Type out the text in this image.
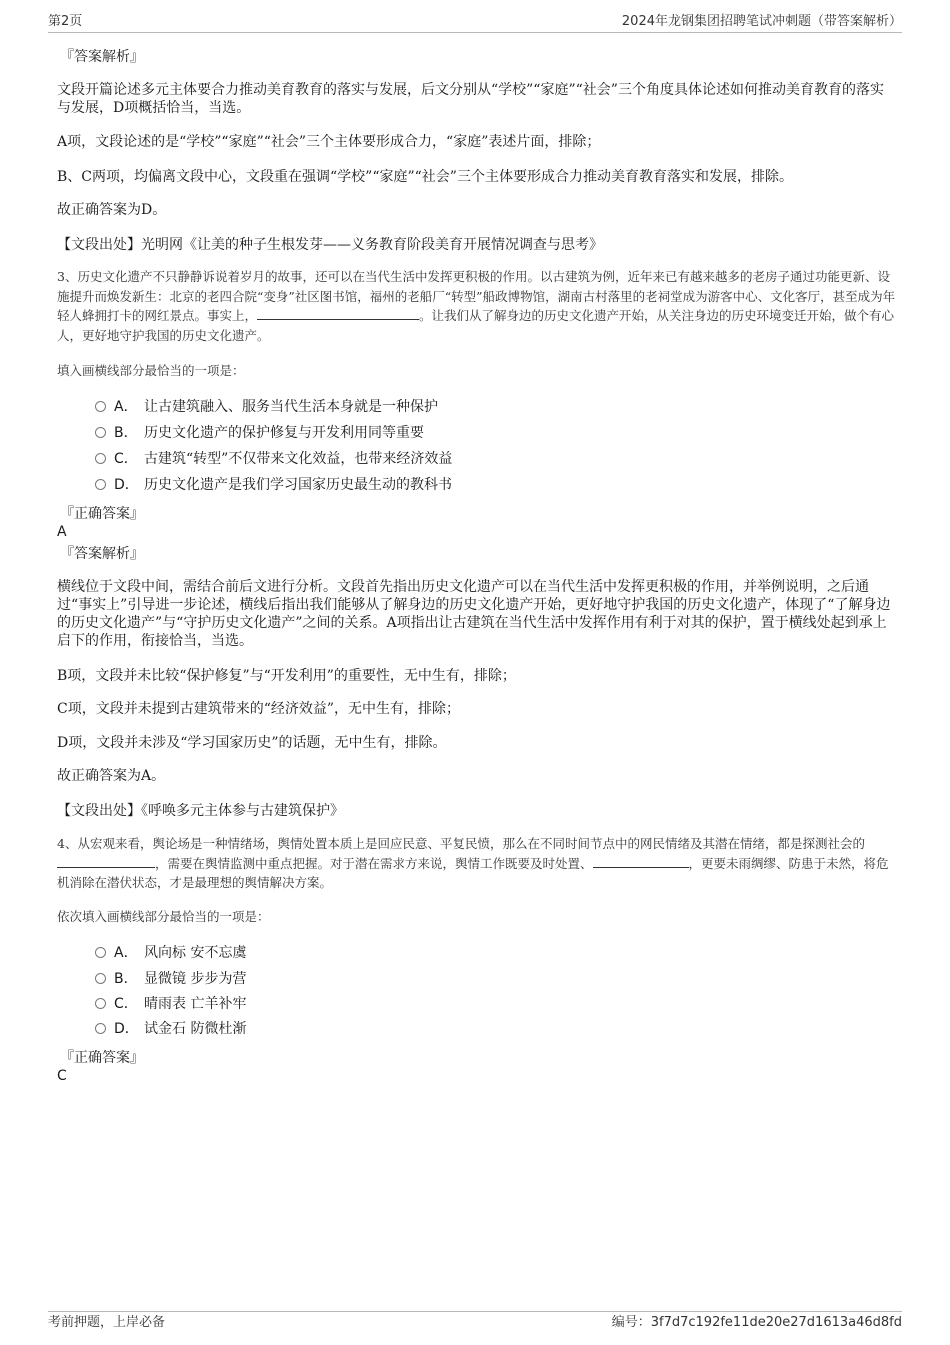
第2页	2024年龙钢集团招聘笔试冲刺题（带答案解析）
『答案解析』
文段开篇论述多元主体要合力推动美育教育的落实与发展，后文分别从“学校”“家庭”“社会”三个角度具体论述如何推动美育教育的落实与发展，D项概括恰当，当选。
A项，文段论述的是“学校”“家庭”“社会”三个主体要形成合力，“家庭”表述片面，排除；
B、C两项，均偏离文段中心，文段重在强调“学校”“家庭”“社会”三个主体要形成合力推动美育教育落实和发展，排除。
故正确答案为D。
【文段出处】光明网《让美的种子生根发芽——义务教育阶段美育开展情况调查与思考》
3、历史文化遗产不只静静诉说着岁月的故事，还可以在当代生活中发挥更积极的作用。以古建筑为例，近年来已有越来越多的老房子通过功能更新、设施提升而焕发新生：北京的老四合院“变身”社区图书馆，福州的老船厂“转型”船政博物馆，湖南古村落里的老祠堂成为游客中心、文化客厅，甚至成为年轻人蜂拥打卡的网红景点。事实上，	。让我们从了解身边的历史文化遗产开始，从关注身边的历史环境变迁开始，做个有心人，更好地守护我国的历史文化遗产。
填入画横线部分最恰当的一项是：
A． 让古建筑融入、服务当代生活本身就是一种保护
B． 历史文化遗产的保护修复与开发利用同等重要
C． 古建筑“转型”不仅带来文化效益，也带来经济效益
D． 历史文化遗产是我们学习国家历史最生动的教科书
『正确答案』
A
『答案解析』
横线位于文段中间，需结合前后文进行分析。文段首先指出历史文化遗产可以在当代生活中发挥更积极的作用，并举例说明，之后通过“事实上”引导进一步论述，横线后指出我们能够从了解身边的历史文化遗产开始，更好地守护我国的历史文化遗产，体现了“了解身边的历史文化遗产”与“守护历史文化遗产”之间的关系。A项指出让古建筑在当代生活中发挥作用有利于对其的保护，置于横线处起到承上启下的作用，衔接恰当，当选。
B项，文段并未比较“保护修复”与“开发利用”的重要性，无中生有，排除；
C项，文段并未提到古建筑带来的“经济效益”，无中生有，排除；
D项，文段并未涉及“学习国家历史”的话题，无中生有，排除。
故正确答案为A。
【文段出处】《呼唤多元主体参与古建筑保护》
4、从宏观来看，舆论场是一种情绪场，舆情处置本质上是回应民意、平复民愤，那么在不同时间节点中的网民情绪及其潜在情绪，都是探测社会的，需要在舆情监测中重点把握。对于潜在需求方来说，舆情工作既要及时处置、	，更要未雨绸缪、防患于未然，将危机消除在潜伏状态，才是最理想的舆情解决方案。
依次填入画横线部分最恰当的一项是：
A． 风向标 安不忘虞
B． 显微镜 步步为营
C． 晴雨表 亡羊补牢
D． 试金石 防微杜渐
『正确答案』
C
考前押题，上岸必备	编号：3f7d7c192fe11de20e27d1613a46d8fd
